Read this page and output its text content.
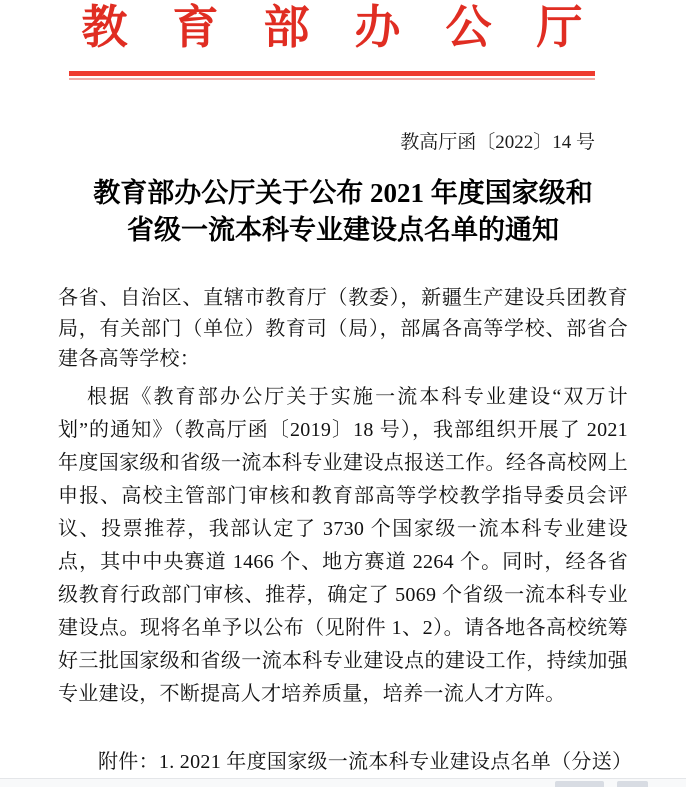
教育部办公厅
教高厅函〔2022〕14 号
教育部办公厅关于公布 2021 年度国家级和
省级一流本科专业建设点名单的通知
各省、自治区、直辖市教育厅（教委），新疆生产建设兵团教育局，有关部门（单位）教育司（局），部属各高等学校、部省合建各高等学校：
根据《教育部办公厅关于实施一流本科专业建设“双万计划”的通知》（教高厅函〔2019〕18 号），我部组织开展了 2021 年度国家级和省级一流本科专业建设点报送工作。经各高校网上申报、高校主管部门审核和教育部高等学校教学指导委员会评议、投票推荐，我部认定了 3730 个国家级一流本科专业建设点，其中中央赛道 1466 个、地方赛道 2264 个。同时，经各省级教育行政部门审核、推荐，确定了 5069 个省级一流本科专业建设点。现将名单予以公布（见附件 1、2）。请各地各高校统筹好三批国家级和省级一流本科专业建设点的建设工作，持续加强专业建设，不断提高人才培养质量，培养一流人才方阵。
附件：1. 2021 年度国家级一流本科专业建设点名单（分送）
